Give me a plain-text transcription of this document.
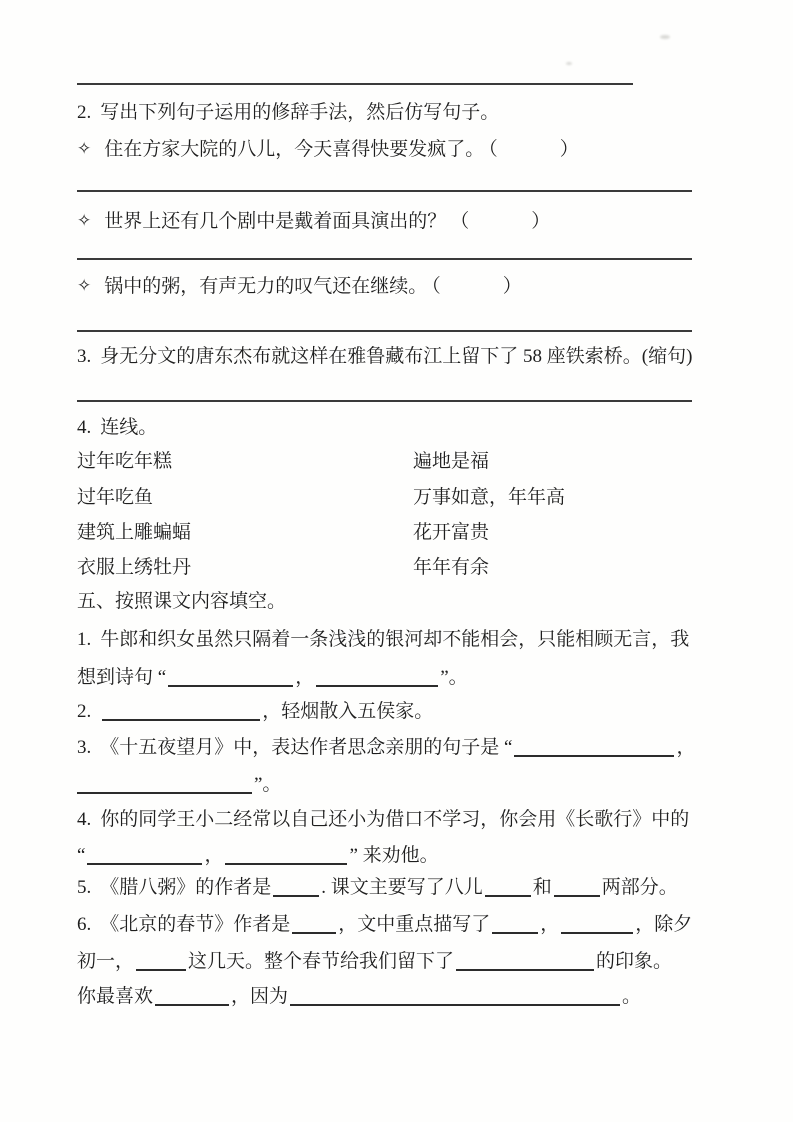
2. 写出下列句子运用的修辞手法，然后仿写句子。
✧ 住在方家大院的八儿，今天喜得快要发疯了。 （	）
✧ 世界上还有几个剧中是戴着面具演出的？ （	）
✧ 锅中的粥，有声无力的叹气还在继续。 （	）
3. 身无分文的唐东杰布就这样在雅鲁藏布江上留下了 58 座铁索桥。(缩句)
4. 连线。
过年吃年糕	遍地是福
过年吃鱼	万事如意，年年高
建筑上雕蝙蝠	花开富贵
衣服上绣牡丹	年年有余
五、按照课文内容填空。
1. 牛郎和织女虽然只隔着一条浅浅的银河却不能相会，只能相顾无言，我
想到诗句 “	，	”。
2.	，轻烟散入五侯家。
3. 《十五夜望月》中，表达作者思念亲朋的句子是 “	，
”。
4. 你的同学王小二经常以自己还小为借口不学习，你会用《长歌行》中的
“	，	” 来劝他。
5. 《腊八粥》的作者是	. 课文主要写了八儿	和	两部分。
6. 《北京的春节》作者是	，文中重点描写了	，	，除夕
初一，	这几天。整个春节给我们留下了	的印象。
你最喜欢	，因为	。
